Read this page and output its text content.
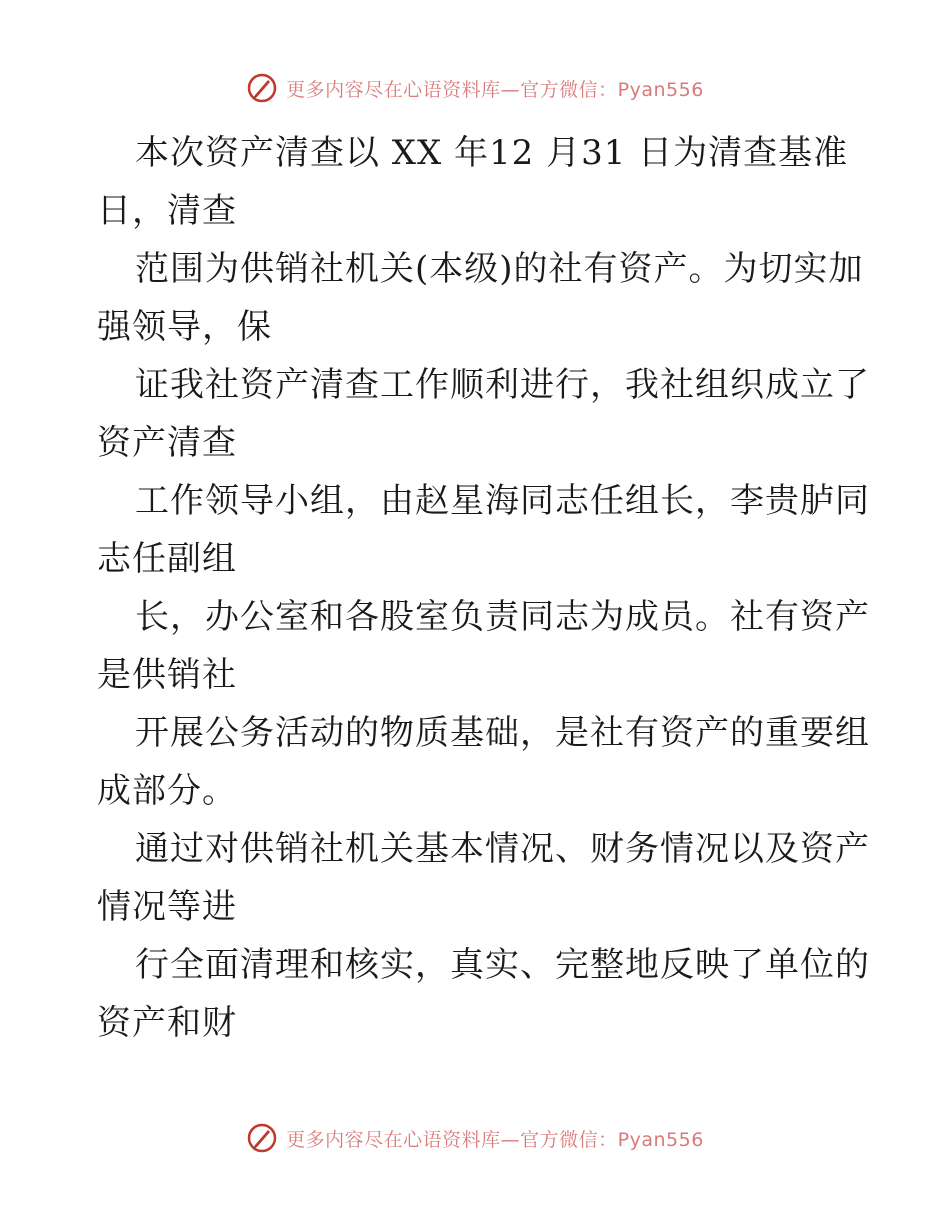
更多内容尽在心语资料库—官方微信：Pyan556
本次资产清查以 XX 年12 月31 日为清查基准
日，清查
范围为供销社机关(本级)的社有资产。为切实加
强领导，保
证我社资产清查工作顺利进行，我社组织成立了
资产清查
工作领导小组，由赵星海同志任组长，李贵胪同
志任副组
长，办公室和各股室负责同志为成员。社有资产
是供销社
开展公务活动的物质基础，是社有资产的重要组
成部分。
通过对供销社机关基本情况、财务情况以及资产
情况等进
行全面清理和核实，真实、完整地反映了单位的
资产和财
更多内容尽在心语资料库—官方微信：Pyan556
